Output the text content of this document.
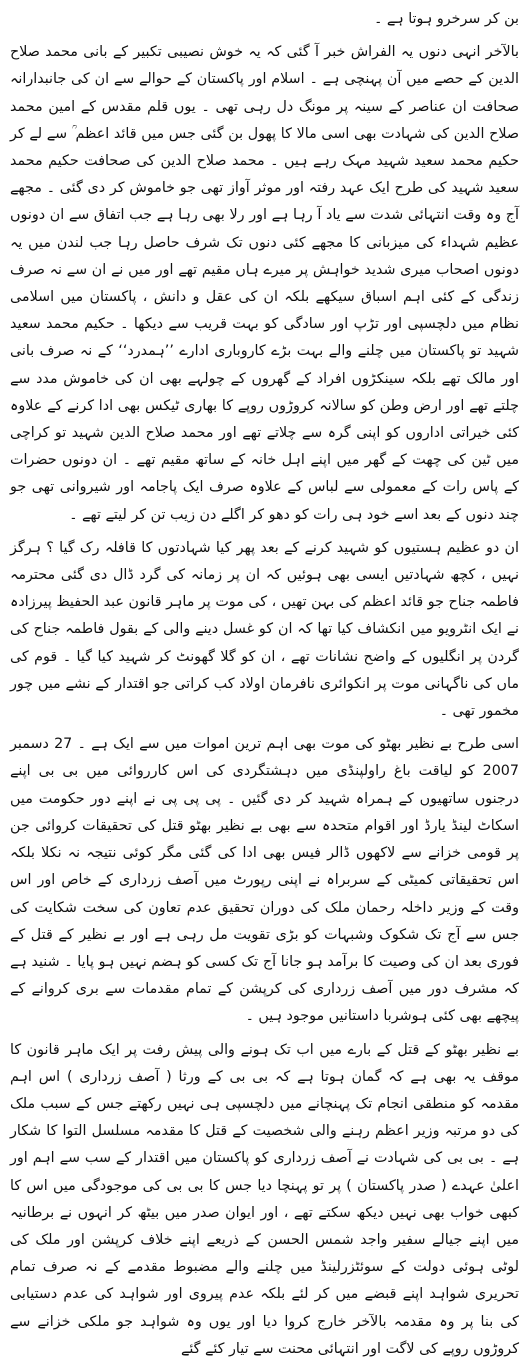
بن کر سرخرو ہوتا ہے ۔

بالآخر انہی دنوں یہ الفراش خبر آ گئی کہ یہ خوش نصیبی تکبیر کے بانی محمد صلاح الدین کے حصے میں آن پہنچی ہے ۔ اسلام اور پاکستان کے حوالے سے ان کی جانبدارانہ صحافت ان عناصر کے سینہ پر مونگ دل رہی تھی ۔ یوں قلم مقدس کے امین محمد صلاح الدین کی شہادت بھی اسی مالا کا پھول بن گئی جس میں قائد اعظم ؒ سے لے کر حکیم محمد سعید شہید مہک رہے ہیں ۔ محمد صلاح الدین کی صحافت حکیم محمد سعید شہید کی طرح ایک عہد رفتہ اور موثر آواز تھی جو خاموش کر دی گئی ۔ مجھے آج وہ وقت انتہائی شدت سے یاد آ رہا ہے اور رلا بھی رہا ہے جب اتفاق سے ان دونوں عظیم شہداء کی میزبانی کا مجھے کئی دنوں تک شرف حاصل رہا جب لندن میں یہ دونوں اصحاب میری شدید خواہش پر میرے ہاں مقیم تھے اور میں نے ان سے نہ صرف زندگی کے کئی اہم اسباق سیکھے بلکہ ان کی عقل و دانش ، پاکستان میں اسلامی نظام میں دلچسپی اور تڑپ اور سادگی کو بہت قریب سے دیکھا ۔ حکیم محمد سعید شہید تو پاکستان میں چلنے والے بہت بڑے کاروباری ادارے ’’ہمدرد‘‘ کے نہ صرف بانی اور مالک تھے بلکہ سینکڑوں افراد کے گھروں کے چولہے بھی ان کی خاموش مدد سے چلتے تھے اور ارض وطن کو سالانہ کروڑوں روپے کا بھاری ٹیکس بھی ادا کرنے کے علاوہ کئی خیراتی اداروں کو اپنی گرہ سے چلاتے تھے اور محمد صلاح الدین شہید تو کراچی میں ٹین کی چھت کے گھر میں اپنے اہل خانہ کے ساتھ مقیم تھے ۔ ان دونوں حضرات کے پاس رات کے معمولی سے لباس کے علاوہ صرف ایک پاجامہ اور شیروانی تھی جو چند دنوں کے بعد اسے خود ہی رات کو دھو کر اگلے دن زیب تن کر لیتے تھے ۔

ان دو عظیم ہستیوں کو شہید کرنے کے بعد پھر کیا شہادتوں کا قافلہ رک گیا ؟ ہرگز نہیں ، کچھ شہادتیں ایسی بھی ہوئیں کہ ان پر زمانہ کی گرد ڈال دی گئی محترمہ فاطمہ جناح جو قائد اعظم کی بہن تھیں ، کی موت پر ماہر قانون عبد الحفیظ پیرزادہ نے ایک انٹرویو میں انکشاف کیا تھا کہ ان کو غسل دینے والی کے بقول فاطمہ جناح کی گردن پر انگلیوں کے واضح نشانات تھے ، ان کو گلا گھونٹ کر شہید کیا گیا ۔ قوم کی ماں کی ناگہانی موت پر انکوائری نافرمان اولاد کب کراتی جو اقتدار کے نشے میں چور مخمور تھی ۔

اسی طرح بے نظیر بھٹو کی موت بھی اہم ترین اموات میں سے ایک ہے ۔ 27 دسمبر 2007 کو لیاقت باغ راولپنڈی میں دہشتگردی کی اس کارروائی میں بی بی اپنے درجنوں ساتھیوں کے ہمراہ شہید کر دی گئیں ۔ پی پی پی نے اپنے دور حکومت میں اسکاٹ لینڈ یارڈ اور اقوام متحدہ سے بھی بے نظیر بھٹو قتل کی تحقیقات کروائی جن پر قومی خزانے سے لاکھوں ڈالر فیس بھی ادا کی گئی مگر کوئی نتیجہ نہ نکلا بلکہ اس تحقیقاتی کمیٹی کے سربراہ نے اپنی رپورٹ میں آصف زرداری کے خاص اور اس وقت کے وزیر داخلہ رحمان ملک کی دوران تحقیق عدم تعاون کی سخت شکایت کی جس سے آج تک شکوک وشبہات کو بڑی تقویت مل رہی ہے اور بے نظیر کے قتل کے فوری بعد ان کی وصیت کا برآمد ہو جانا آج تک کسی کو ہضم نہیں ہو پایا ۔ شنید ہے کہ مشرف دور میں آصف زرداری کی کرپشن کے تمام مقدمات سے بری کروانے کے پیچھے بھی کئی ہوشربا داستانیں موجود ہیں ۔

بے نظیر بھٹو کے قتل کے بارے میں اب تک ہونے والی پیش رفت پر ایک ماہر قانون کا موقف یہ بھی ہے کہ گمان ہوتا ہے کہ بی بی کے ورثا ( آصف زرداری ) اس اہم مقدمہ کو منطقی انجام تک پہنچانے میں دلچسپی ہی نہیں رکھتے جس کے سبب ملک کی دو مرتبہ وزیر اعظم رہنے والی شخصیت کے قتل کا مقدمہ مسلسل التوا کا شکار ہے ۔ بی بی کی شہادت نے آصف زرداری کو پاکستان میں اقتدار کے سب سے اہم اور اعلیٰ عہدے ( صدر پاکستان ) پر تو پہنچا دیا جس کا بی بی کی موجودگی میں اس کا کبھی خواب بھی نہیں دیکھ سکتے تھے ، اور ایوان صدر میں بیٹھ کر انہوں نے برطانیہ میں اپنے جیالے سفیر واجد شمس الحسن کے ذریعے اپنے خلاف کرپشن اور ملک کی لوٹی ہوئی دولت کے سوئٹزرلینڈ میں چلنے والے مضبوط مقدمے کے نہ صرف تمام تحریری شواہد اپنے قبضے میں کر لئے بلکہ عدم پیروی اور شواہد کی عدم دستیابی کی بنا پر وہ مقدمہ بالآخر خارج کروا دیا اور یوں وہ شواہد جو ملکی خزانے سے کروڑوں روپے کی لاگت اور انتہائی محنت سے تیار کئے گئے
